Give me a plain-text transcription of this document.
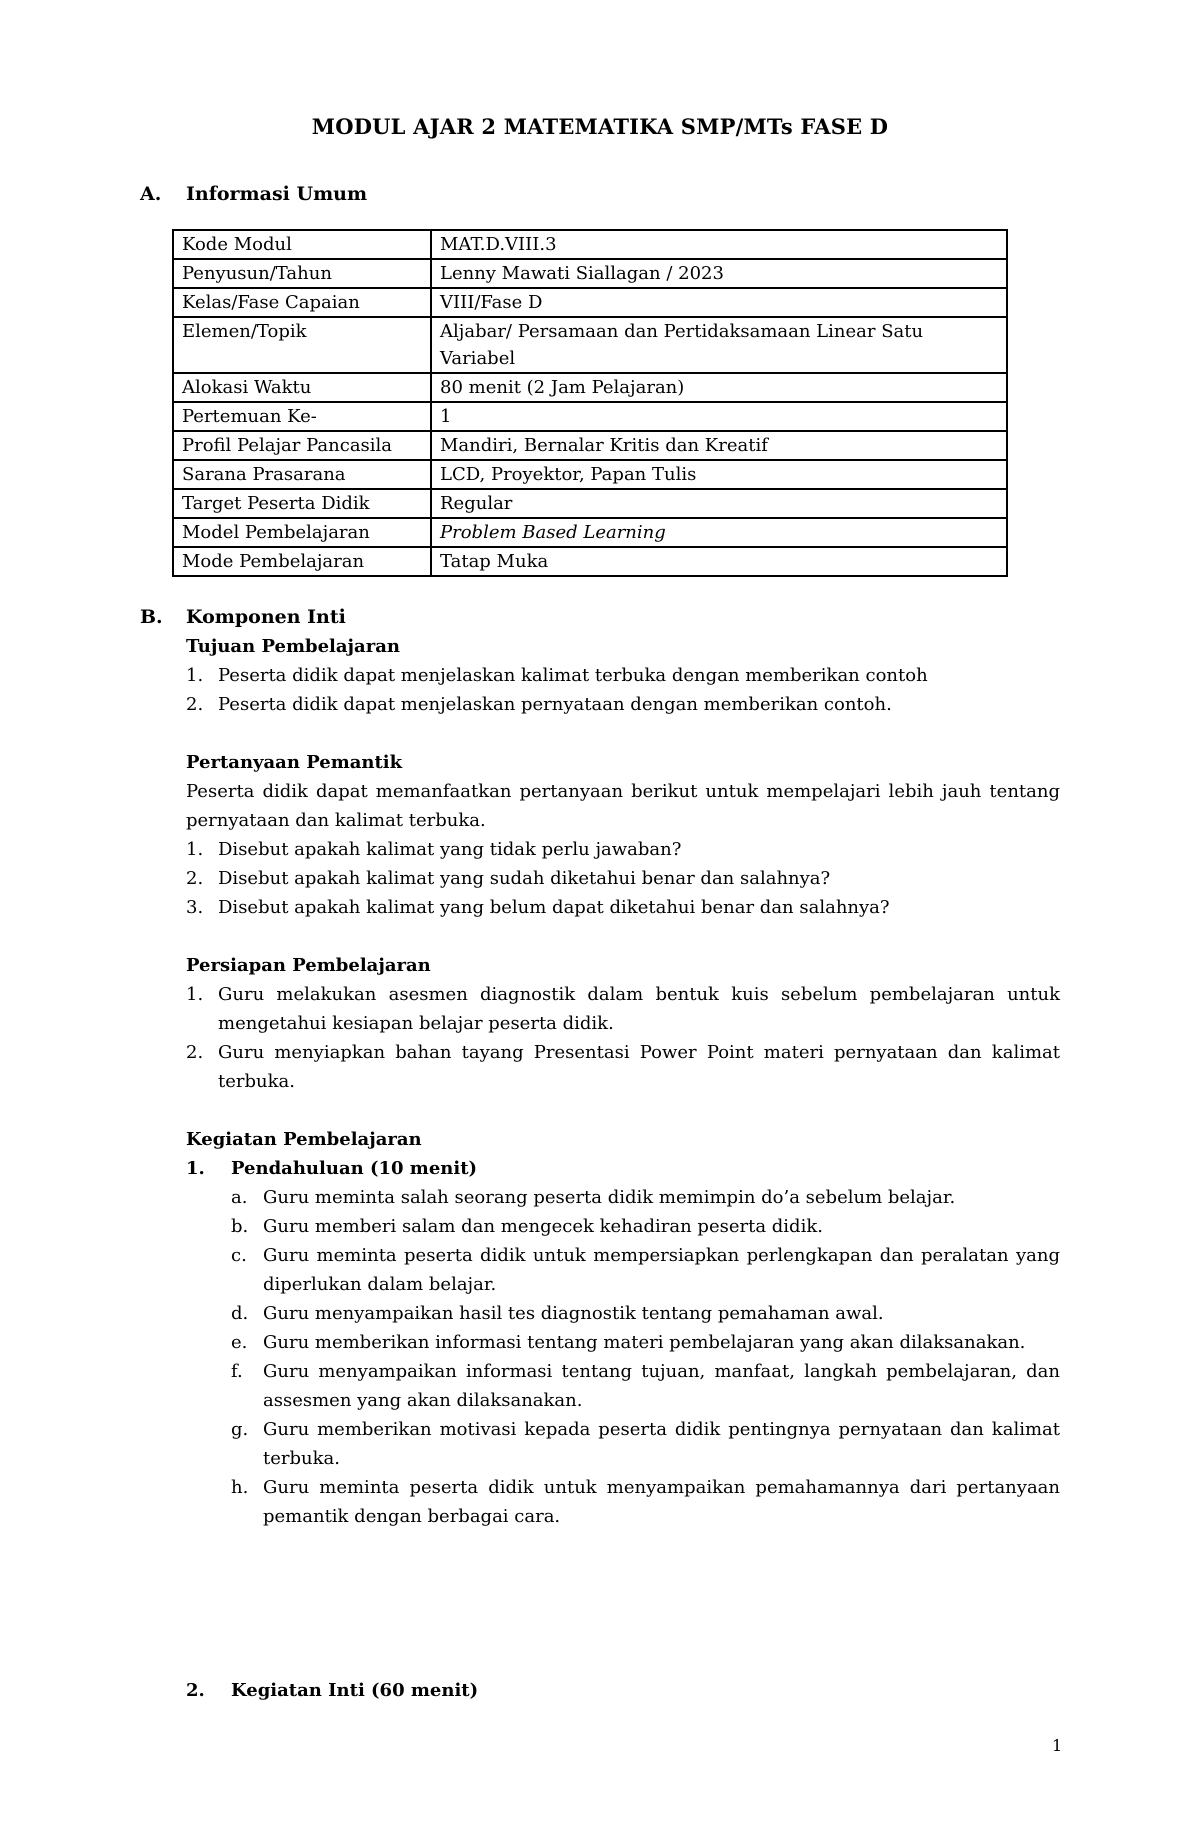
MODUL AJAR 2 MATEMATIKA SMP/MTs FASE D
A.	Informasi Umum
Kode Modul	MAT.D.VIII.3
Penyusun/Tahun	Lenny Mawati Siallagan / 2023
Kelas/Fase Capaian	VIII/Fase D
Elemen/Topik	Aljabar/ Persamaan dan Pertidaksamaan Linear Satu Variabel
Alokasi Waktu	80 menit (2 Jam Pelajaran)
Pertemuan Ke-	1
Profil Pelajar Pancasila	Mandiri, Bernalar Kritis dan Kreatif
Sarana Prasarana	LCD, Proyektor, Papan Tulis
Target Peserta Didik	Regular
Model Pembelajaran	Problem Based Learning
Mode Pembelajaran	Tatap Muka
B.	Komponen Inti
Tujuan Pembelajaran
1. Peserta didik dapat menjelaskan kalimat terbuka dengan memberikan contoh
2. Peserta didik dapat menjelaskan pernyataan dengan memberikan contoh.
Pertanyaan Pemantik
Peserta didik dapat memanfaatkan pertanyaan berikut untuk mempelajari lebih jauh tentang pernyataan dan kalimat terbuka.
1. Disebut apakah kalimat yang tidak perlu jawaban?
2. Disebut apakah kalimat yang sudah diketahui benar dan salahnya?
3. Disebut apakah kalimat yang belum dapat diketahui benar dan salahnya?
Persiapan Pembelajaran
1. Guru melakukan asesmen diagnostik dalam bentuk kuis sebelum pembelajaran untuk mengetahui kesiapan belajar peserta didik.
2. Guru menyiapkan bahan tayang Presentasi Power Point materi pernyataan dan kalimat terbuka.
Kegiatan Pembelajaran
1.	Pendahuluan (10 menit)
a. Guru meminta salah seorang peserta didik memimpin do’a sebelum belajar.
b. Guru memberi salam dan mengecek kehadiran peserta didik.
c. Guru meminta peserta didik untuk mempersiapkan perlengkapan dan peralatan yang diperlukan dalam belajar.
d. Guru menyampaikan hasil tes diagnostik tentang pemahaman awal.
e. Guru memberikan informasi tentang materi pembelajaran yang akan dilaksanakan.
f.	Guru menyampaikan informasi tentang tujuan, manfaat, langkah pembelajaran, dan assesmen yang akan dilaksanakan.
g. Guru memberikan motivasi kepada peserta didik pentingnya pernyataan dan kalimat terbuka.
h. Guru meminta peserta didik untuk menyampaikan pemahamannya dari pertanyaan pemantik dengan berbagai cara.
2.	Kegiatan Inti (60 menit)
1
